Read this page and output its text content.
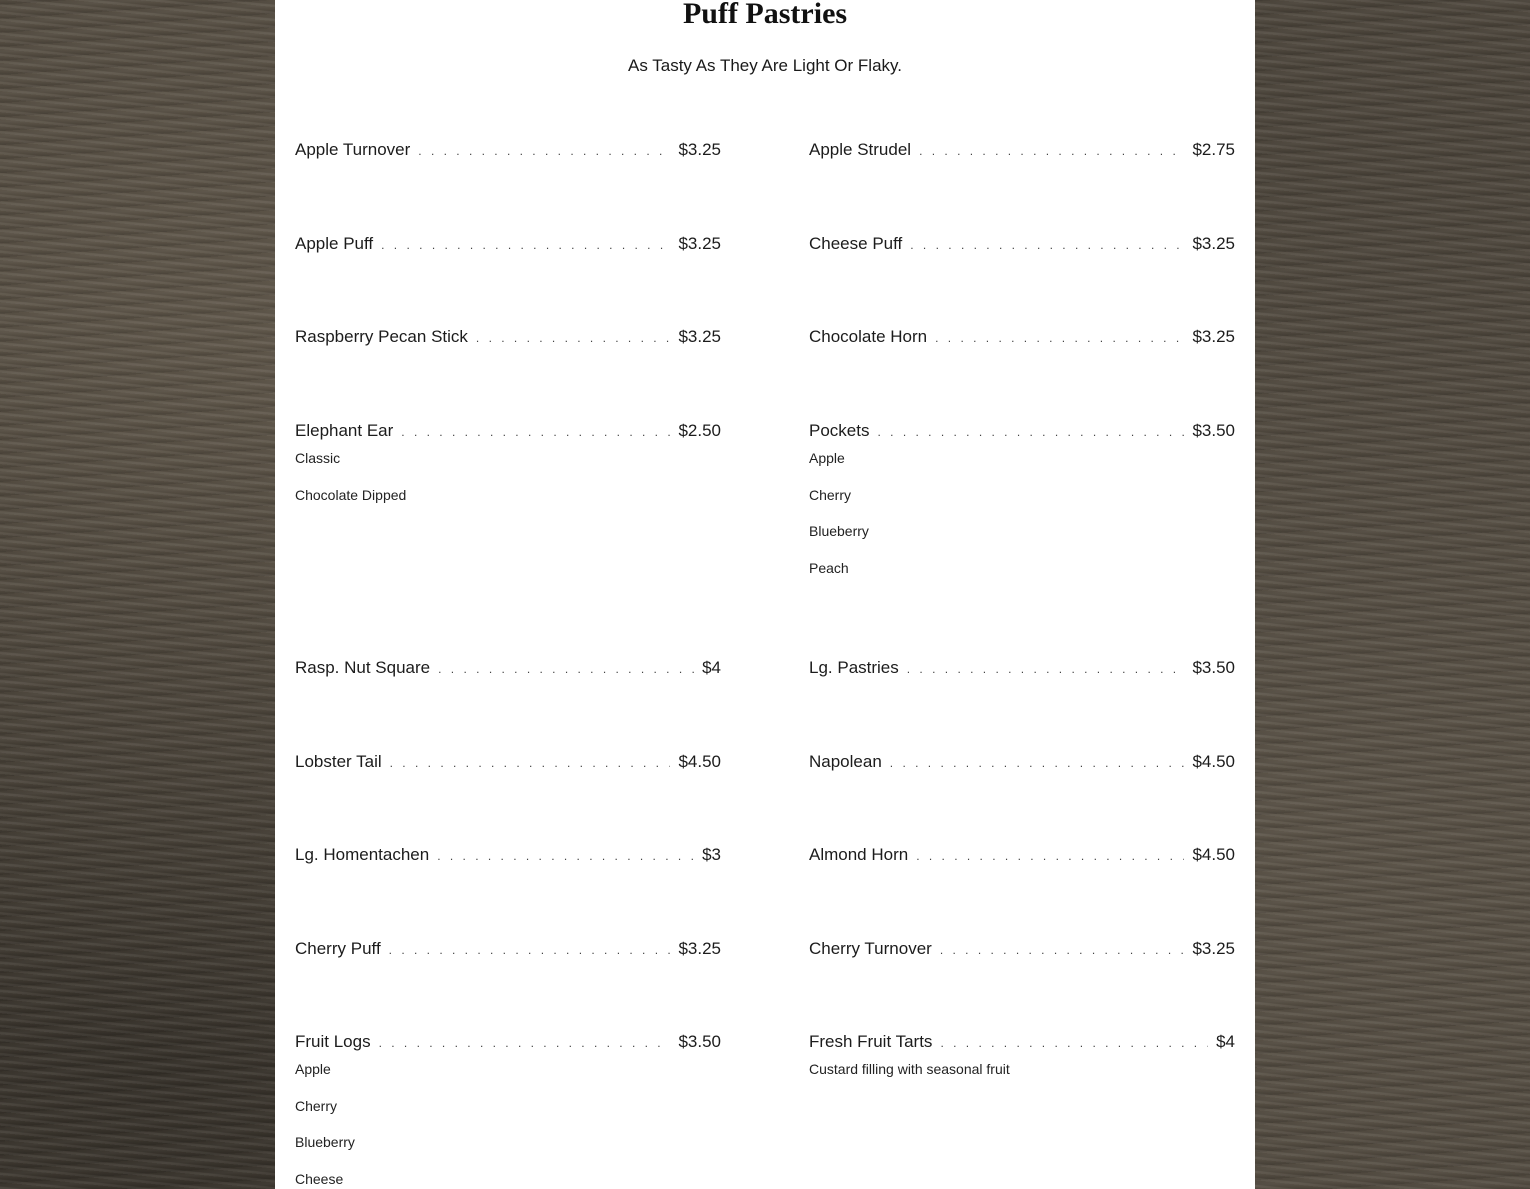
Puff Pastries
As Tasty As They Are Light Or Flaky.
Apple Turnover . . .	$3.25
Apple Puff . . .	$3.25
Raspberry Pecan Stick . . .	$3.25
Elephant Ear . . .	$2.50
Classic
Chocolate Dipped
Rasp. Nut Square . . .	$4
Lobster Tail . . .	$4.50
Lg. Homentachen . . .	$3
Cherry Puff . . .	$3.25
Fruit Logs . . .	$3.50
Apple
Cherry
Blueberry
Cheese
Apple Strudel . . .	$2.75
Cheese Puff . . .	$3.25
Chocolate Horn . . .	$3.25
Pockets . . .	$3.50
Apple
Cherry
Blueberry
Peach
Lg. Pastries . . .	$3.50
Napolean . . .	$4.50
Almond Horn . . .	$4.50
Cherry Turnover . . .	$3.25
Fresh Fruit Tarts . . .	$4
Custard filling with seasonal fruit
